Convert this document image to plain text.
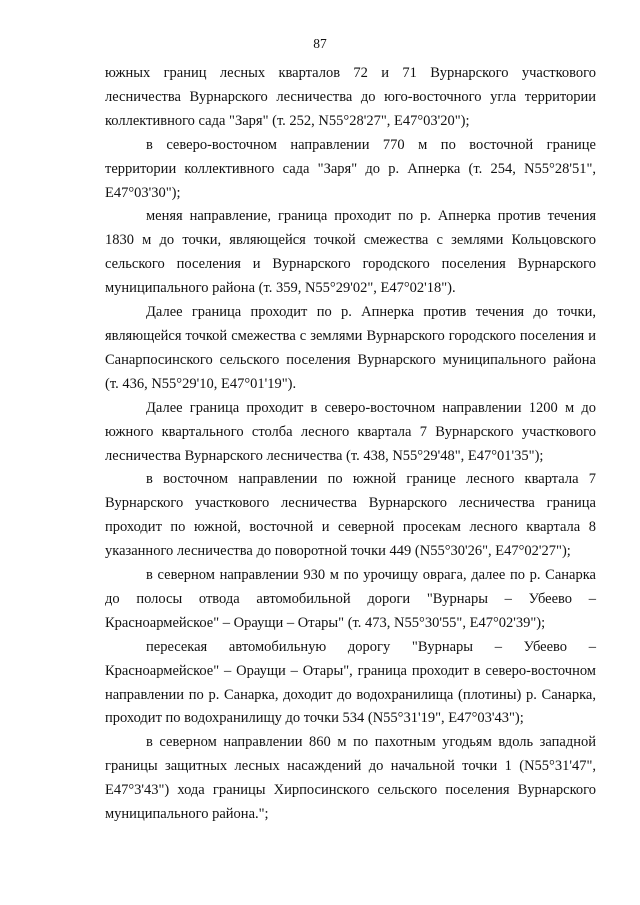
87

южных границ лесных кварталов 72 и 71 Вурнарского участкового лесничества Вурнарского лесничества до юго-восточного угла территории коллективного сада "Заря" (т. 252, N55°28'27", E47°03'20");

в северо-восточном направлении 770 м по восточной границе территории коллективного сада "Заря" до р. Апнерка (т. 254, N55°28'51", E47°03'30");

меняя направление, граница проходит по р. Апнерка против течения 1830 м до точки, являющейся точкой смежества с землями Кольцовского сельского поселения и Вурнарского городского поселения Вурнарского муниципального района (т. 359, N55°29'02", E47°02'18").

Далее граница проходит по р. Апнерка против течения до точки, являющейся точкой смежества с землями Вурнарского городского поселения и Санарпосинского сельского поселения Вурнарского муниципального района (т. 436, N55°29'10, E47°01'19").

Далее граница проходит в северо-восточном направлении 1200 м до южного квартального столба лесного квартала 7 Вурнарского участкового лесничества Вурнарского лесничества (т. 438, N55°29'48", E47°01'35");

в восточном направлении по южной границе лесного квартала 7 Вурнарского участкового лесничества Вурнарского лесничества граница проходит по южной, восточной и северной просекам лесного квартала 8 указанного лесничества до поворотной точки 449 (N55°30'26", E47°02'27");

в северном направлении 930 м по урочищу оврага, далее по р. Санарка до полосы отвода автомобильной дороги "Вурнары – Убеево – Красноармейское" – Ораущи – Отары" (т. 473, N55°30'55", E47°02'39");

пересекая автомобильную дорогу "Вурнары – Убеево – Красноармейское" – Ораущи – Отары", граница проходит в северо-восточном направлении по р. Санарка, доходит до водохранилища (плотины) р. Санарка, проходит по водохранилищу до точки 534 (N55°31'19", E47°03'43");

в северном направлении 860 м по пахотным угодьям вдоль западной границы защитных лесных насаждений до начальной точки 1 (N55°31'47", E47°3'43") хода границы Хирпосинского сельского поселения Вурнарского муниципального района.";
